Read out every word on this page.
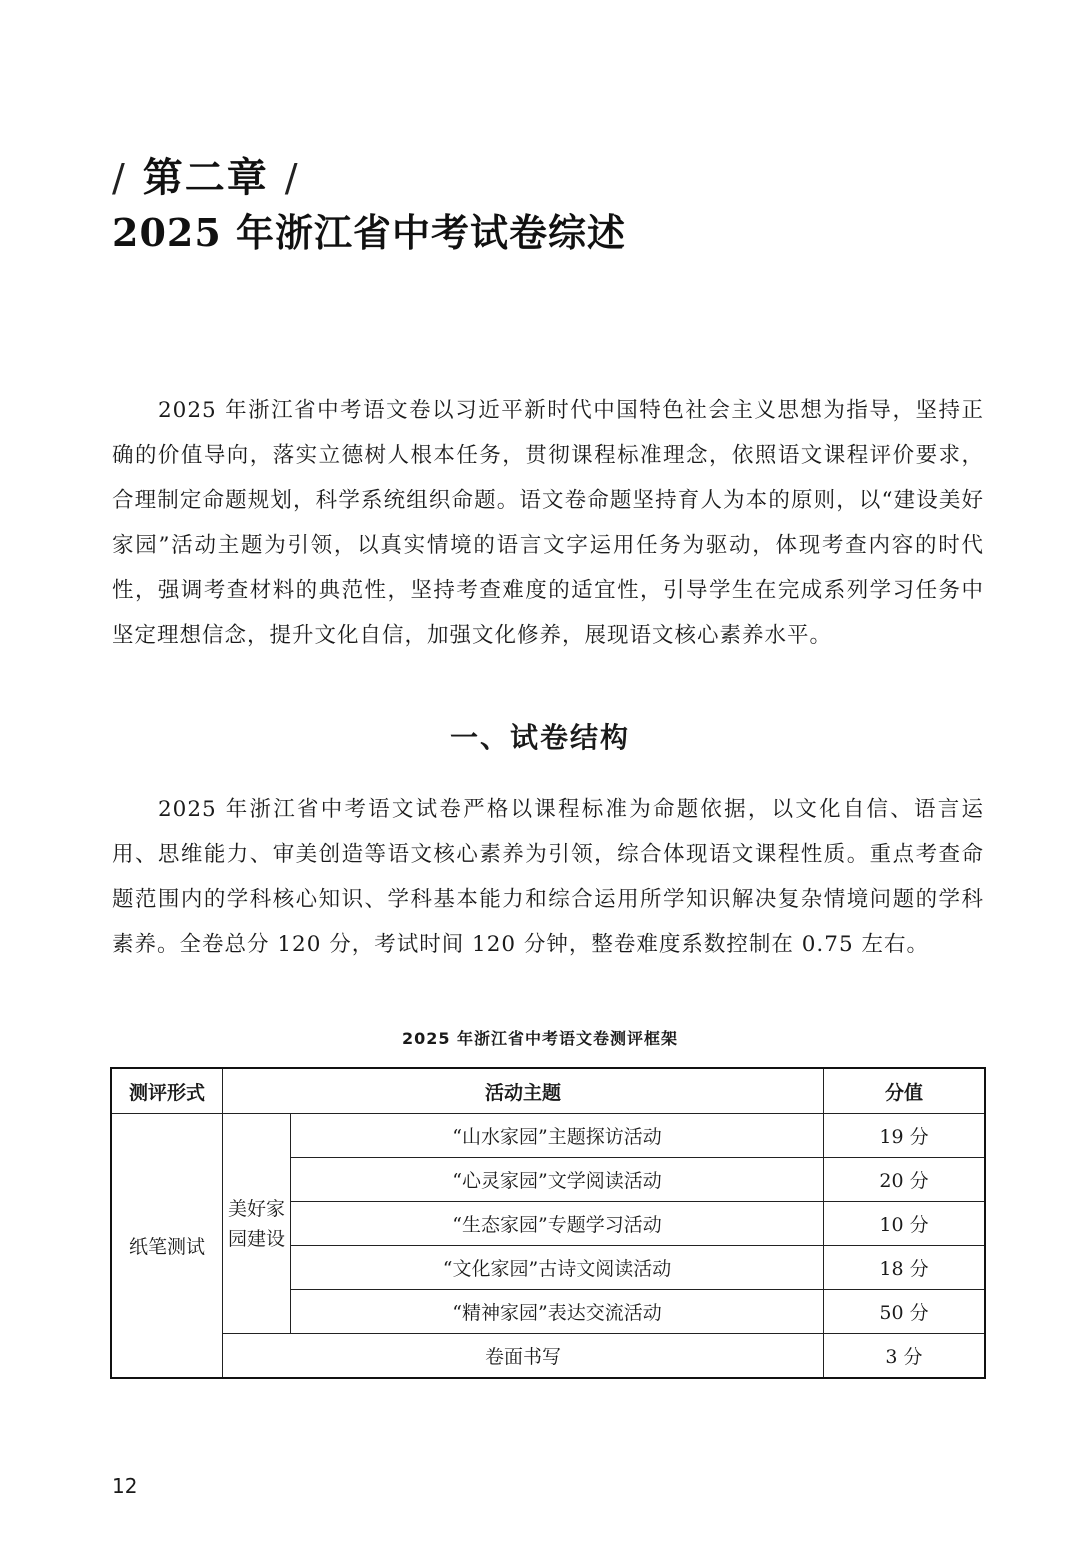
/ 第二章 /
2025 年浙江省中考试卷综述

2025 年浙江省中考语文卷以习近平新时代中国特色社会主义思想为指导，坚持正确的价值导向，落实立德树人根本任务，贯彻课程标准理念，依照语文课程评价要求，合理制定命题规划，科学系统组织命题。语文卷命题坚持育人为本的原则，以“建设美好家园”活动主题为引领，以真实情境的语言文字运用任务为驱动，体现考查内容的时代性，强调考查材料的典范性，坚持考查难度的适宜性，引导学生在完成系列学习任务中坚定理想信念，提升文化自信，加强文化修养，展现语文核心素养水平。

一、试卷结构

2025 年浙江省中考语文试卷严格以课程标准为命题依据，以文化自信、语言运用、思维能力、审美创造等语文核心素养为引领，综合体现语文课程性质。重点考查命题范围内的学科核心知识、学科基本能力和综合运用所学知识解决复杂情境问题的学科素养。全卷总分 120 分，考试时间 120 分钟，整卷难度系数控制在 0.75 左右。

2025 年浙江省中考语文卷测评框架
测评形式	活动主题		分值
纸笔测试	美好家园建设	“山水家园”主题探访活动	19 分
		“心灵家园”文学阅读活动	20 分
		“生态家园”专题学习活动	10 分
		“文化家园”古诗文阅读活动	18 分
		“精神家园”表达交流活动	50 分
	卷面书写		3 分
12
